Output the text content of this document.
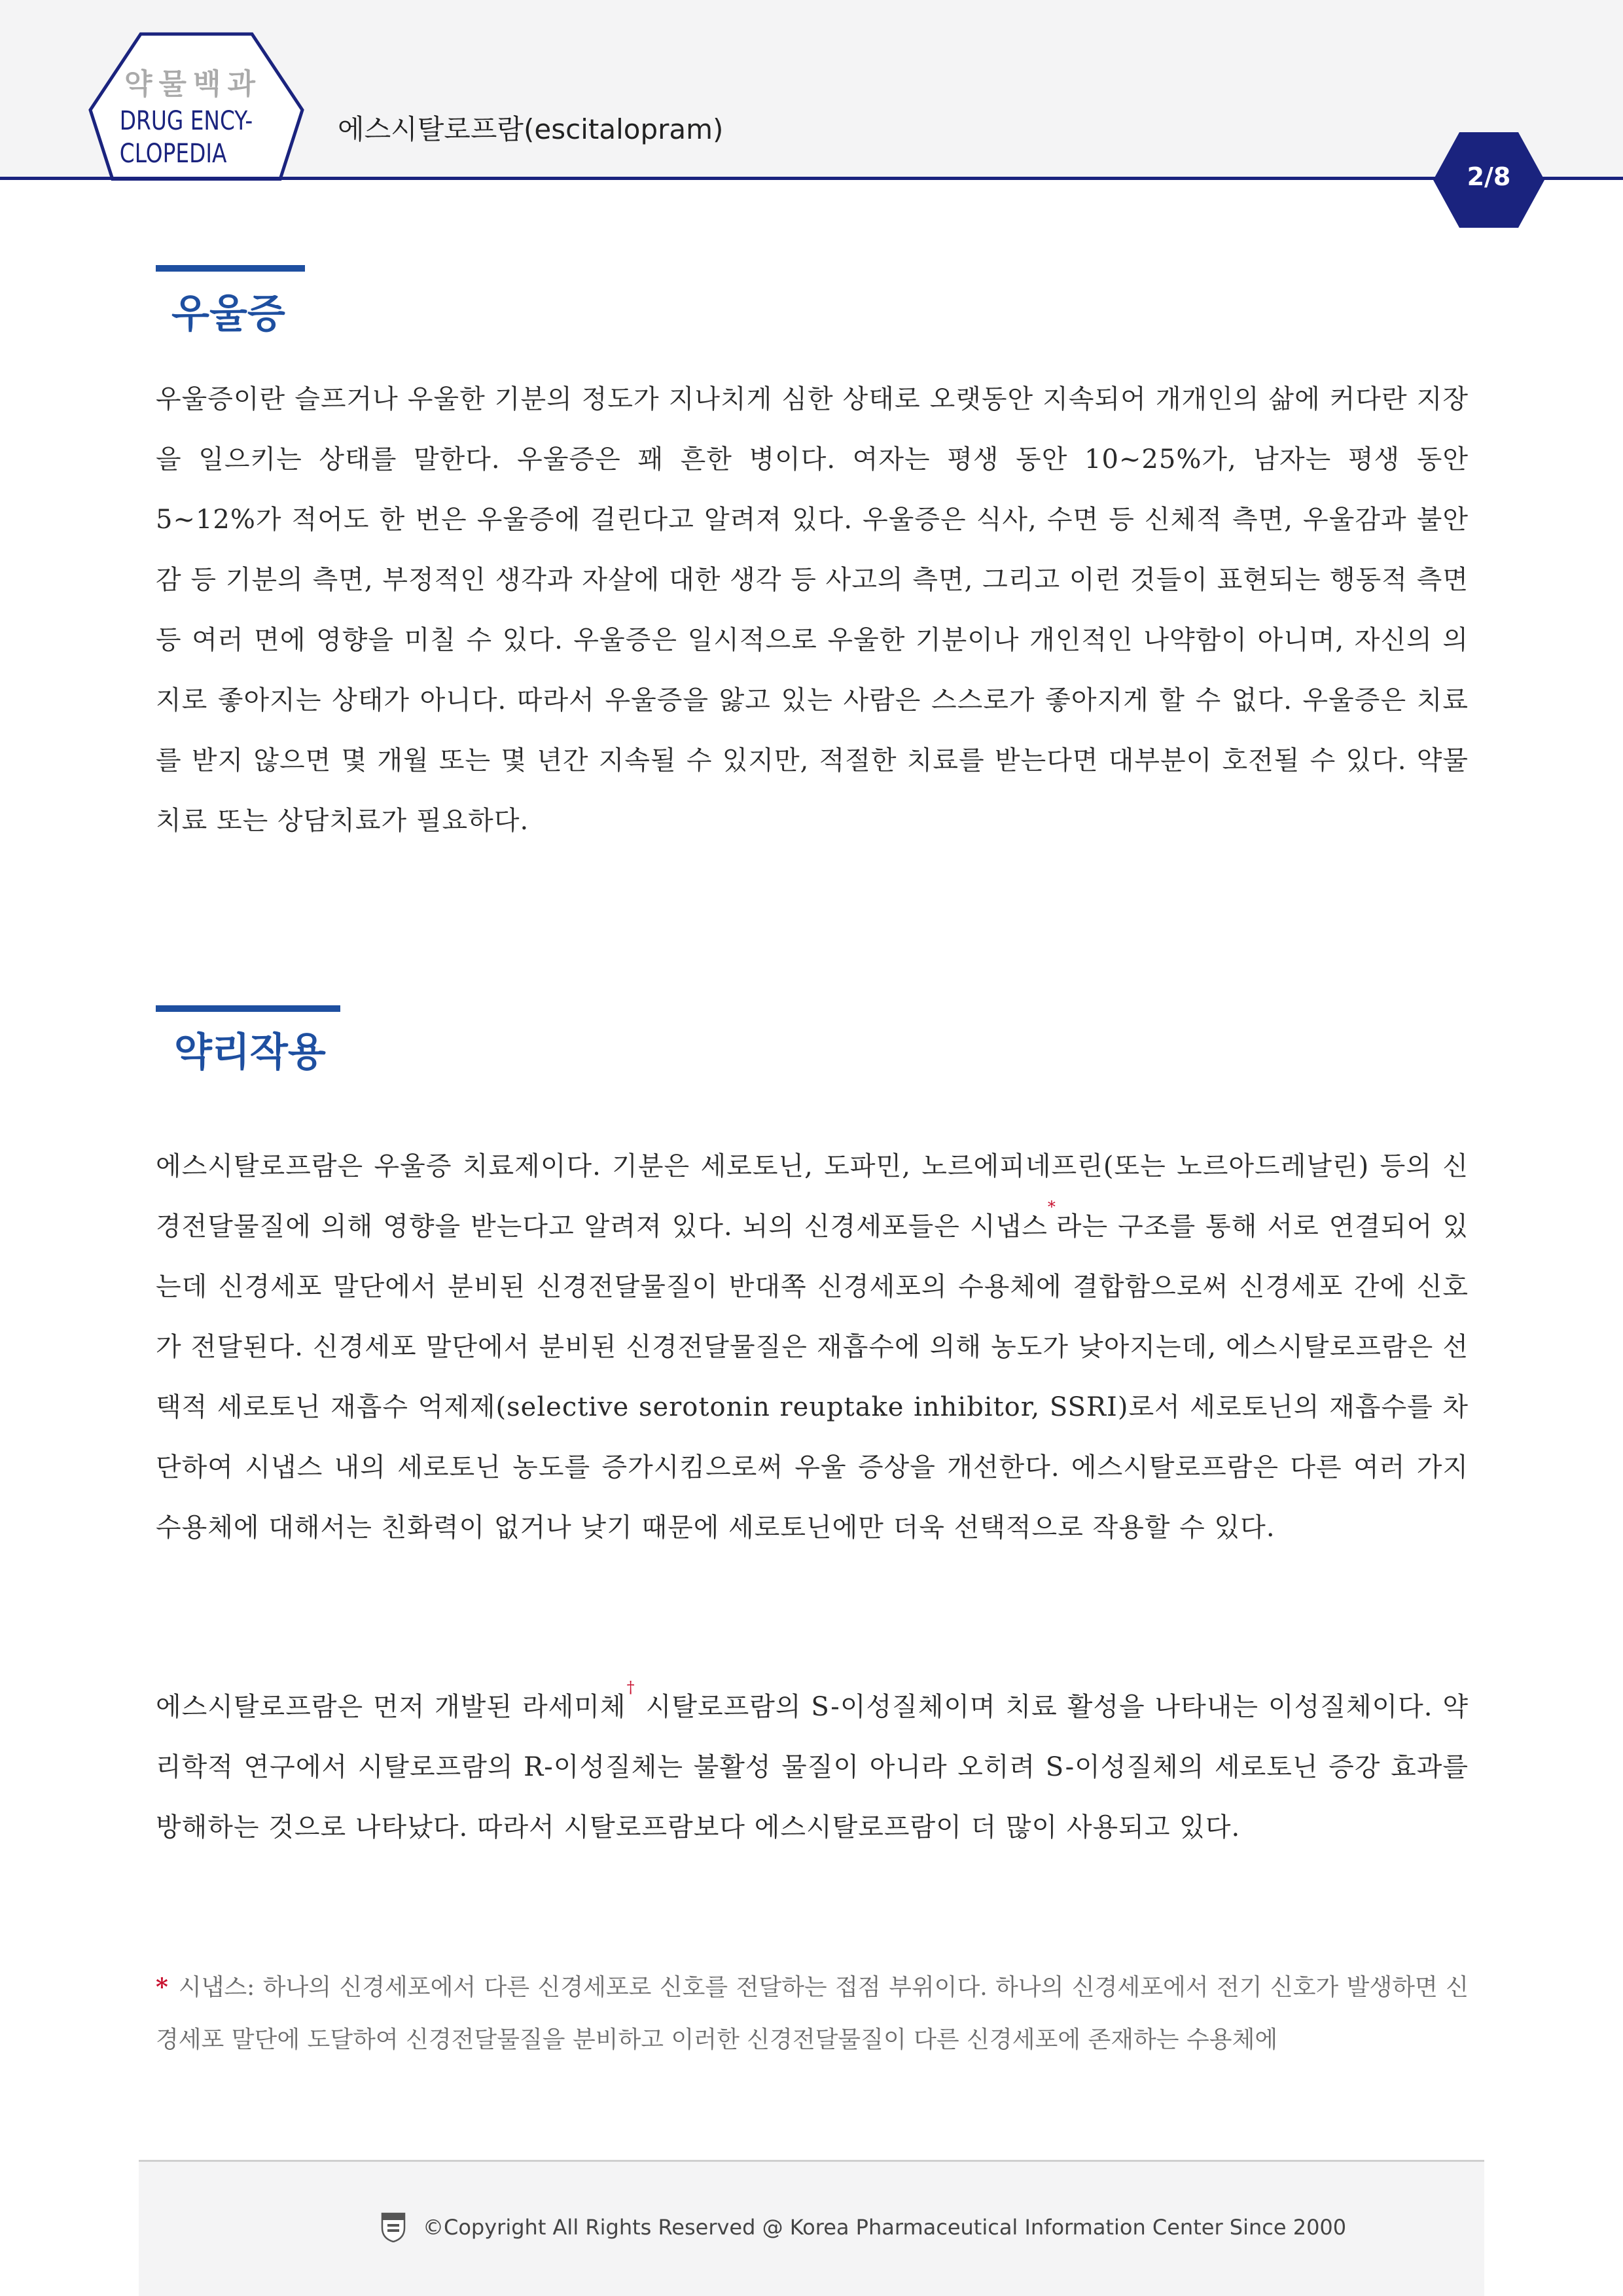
약물백과
DRUG ENCY-
CLOPEDIA
에스시탈로프람(escitalopram)
2/8
우울증
우울증이란 슬프거나 우울한 기분의 정도가 지나치게 심한 상태로 오랫동안 지속되어 개개인의 삶에 커다란 지장을 일으키는 상태를 말한다. 우울증은 꽤 흔한 병이다. 여자는 평생 동안 10~25%가, 남자는 평생 동안 5~12%가 적어도 한 번은 우울증에 걸린다고 알려져 있다. 우울증은 식사, 수면 등 신체적 측면, 우울감과 불안감 등 기분의 측면, 부정적인 생각과 자살에 대한 생각 등 사고의 측면, 그리고 이런 것들이 표현되는 행동적 측면 등 여러 면에 영향을 미칠 수 있다. 우울증은 일시적으로 우울한 기분이나 개인적인 나약함이 아니며, 자신의 의지로 좋아지는 상태가 아니다. 따라서 우울증을 앓고 있는 사람은 스스로가 좋아지게 할 수 없다. 우울증은 치료를 받지 않으면 몇 개월 또는 몇 년간 지속될 수 있지만, 적절한 치료를 받는다면 대부분이 호전될 수 있다. 약물치료 또는 상담치료가 필요하다.
약리작용
에스시탈로프람은 우울증 치료제이다. 기분은 세로토닌, 도파민, 노르에피네프린(또는 노르아드레날린) 등의 신경전달물질에 의해 영향을 받는다고 알려져 있다. 뇌의 신경세포들은 시냅스*라는 구조를 통해 서로 연결되어 있는데 신경세포 말단에서 분비된 신경전달물질이 반대쪽 신경세포의 수용체에 결합함으로써 신경세포 간에 신호가 전달된다. 신경세포 말단에서 분비된 신경전달물질은 재흡수에 의해 농도가 낮아지는데, 에스시탈로프람은 선택적 세로토닌 재흡수 억제제(selective serotonin reuptake inhibitor, SSRI)로서 세로토닌의 재흡수를 차단하여 시냅스 내의 세로토닌 농도를 증가시킴으로써 우울 증상을 개선한다. 에스시탈로프람은 다른 여러 가지 수용체에 대해서는 친화력이 없거나 낮기 때문에 세로토닌에만 더욱 선택적으로 작용할 수 있다.
에스시탈로프람은 먼저 개발된 라세미체† 시탈로프람의 S-이성질체이며 치료 활성을 나타내는 이성질체이다. 약리학적 연구에서 시탈로프람의 R-이성질체는 불활성 물질이 아니라 오히려 S-이성질체의 세로토닌 증강 효과를 방해하는 것으로 나타났다. 따라서 시탈로프람보다 에스시탈로프람이 더 많이 사용되고 있다.
* 시냅스: 하나의 신경세포에서 다른 신경세포로 신호를 전달하는 접점 부위이다. 하나의 신경세포에서 전기 신호가 발생하면 신경세포 말단에 도달하여 신경전달물질을 분비하고 이러한 신경전달물질이 다른 신경세포에 존재하는 수용체에
©Copyright All Rights Reserved @ Korea Pharmaceutical Information Center Since 2000
